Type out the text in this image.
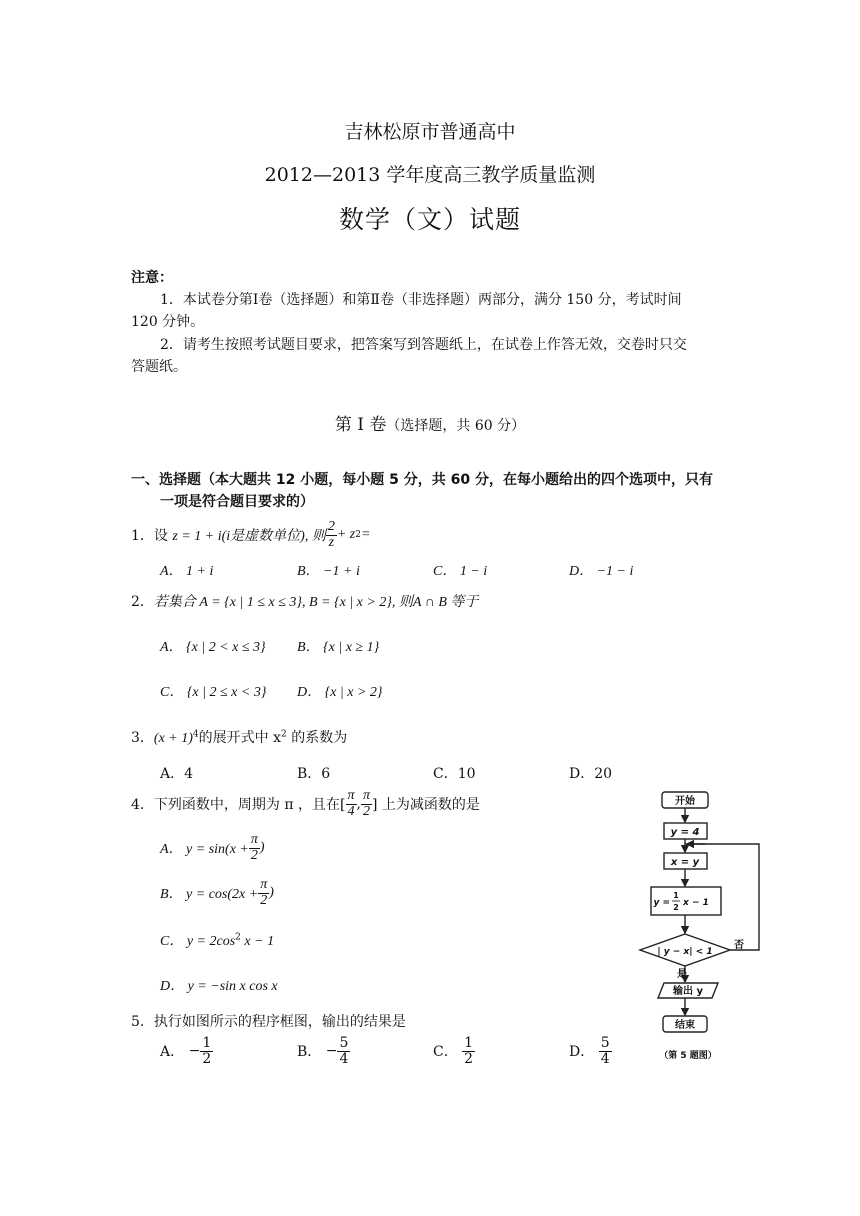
吉林松原市普通高中
2012—2013 学年度高三教学质量监测
数学（文）试题
注意：
1．本试卷分第Ⅰ卷（选择题）和第Ⅱ卷（非选择题）两部分，满分 150 分，考试时间
120 分钟。
2．请考生按照考试题目要求，把答案写到答题纸上，在试卷上作答无效，交卷时只交
答题纸。
第 Ⅰ 卷（选择题，共 60 分）
一、选择题（本大题共 12 小题，每小题 5 分，共 60 分，在每小题给出的四个选项中，只有
一项是符合题目要求的）
1． 设
z = 1 + i(i是虚数单位), 则 $\frac{2}{z} + z$ 2 =
A． 1 + i	B． −1 + i	C． 1 − i	D． −1 − i
2．若集合 A = {x | 1 ≤ x ≤ 3}, B = {x | x > 2}, 则A ∩ B 等于
A． {x | 2 < x ≤ 3} B． {x | x ≥ 1}
C． {x | 2 ≤ x < 3} D． {x | x > 2}
3．$(x + 1)^4$的展开式中 $x^2$ 的系数为
A．4	B．6	C．10	D．20
4． 下列函数中，周期为 π ，且在[ $\frac{\pi}{4}$ , $\frac{\pi}{2}$ ] 上为减函数的是
A． $y = \sin(x + \frac{\pi}{2}$ )
B． $y = \cos(2x + \frac{\pi}{2}$ )
C． $y = 2\cos^2$ x − 1
D． y = −sin x cos x
5．执行如图所示的程序框图，输出的结果是
A．
− $\frac{1}{2}$	B．
− $\frac{5}{4}$	C．
$\frac{1}{2}$	D．
$\frac{5}{4}$
开始
y = 4
x = y
y =
1
2 x − 1
| y − x| < 1
否
是
输出 y
结束
（第 5 题图）
